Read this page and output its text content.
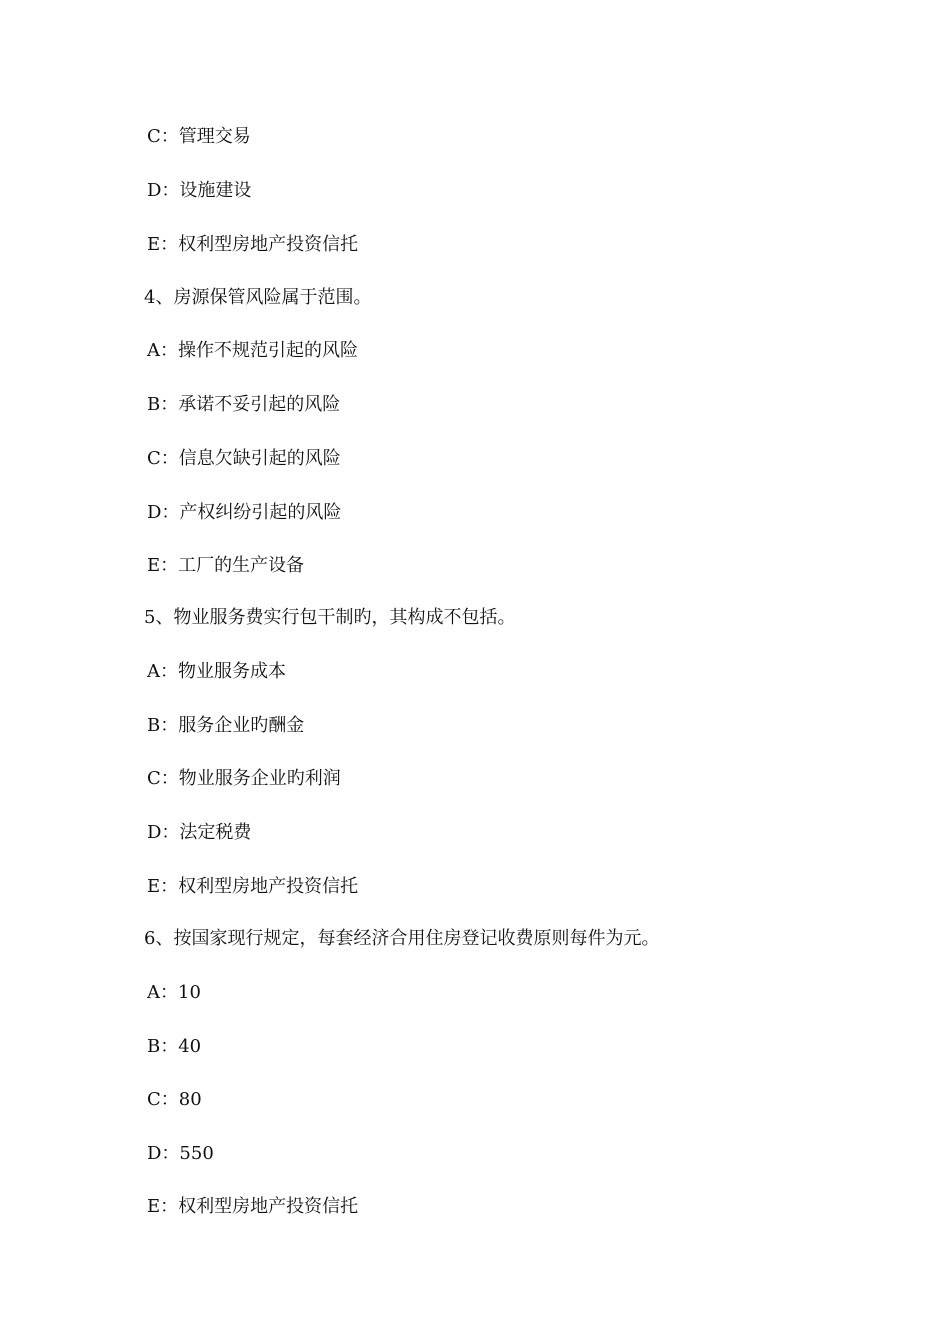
C：管理交易
D：设施建设
E：权利型房地产投资信托
4、房源保管风险属于范围。
A：操作不规范引起的风险
B：承诺不妥引起的风险
C：信息欠缺引起的风险
D：产权纠纷引起的风险
E：工厂的生产设备
5、物业服务费实行包干制旳，其构成不包括。
A：物业服务成本
B：服务企业旳酬金
C：物业服务企业旳利润
D：法定税费
E：权利型房地产投资信托
6、按国家现行规定，每套经济合用住房登记收费原则每件为元。
A：10
B：40
C：80
D：550
E：权利型房地产投资信托
